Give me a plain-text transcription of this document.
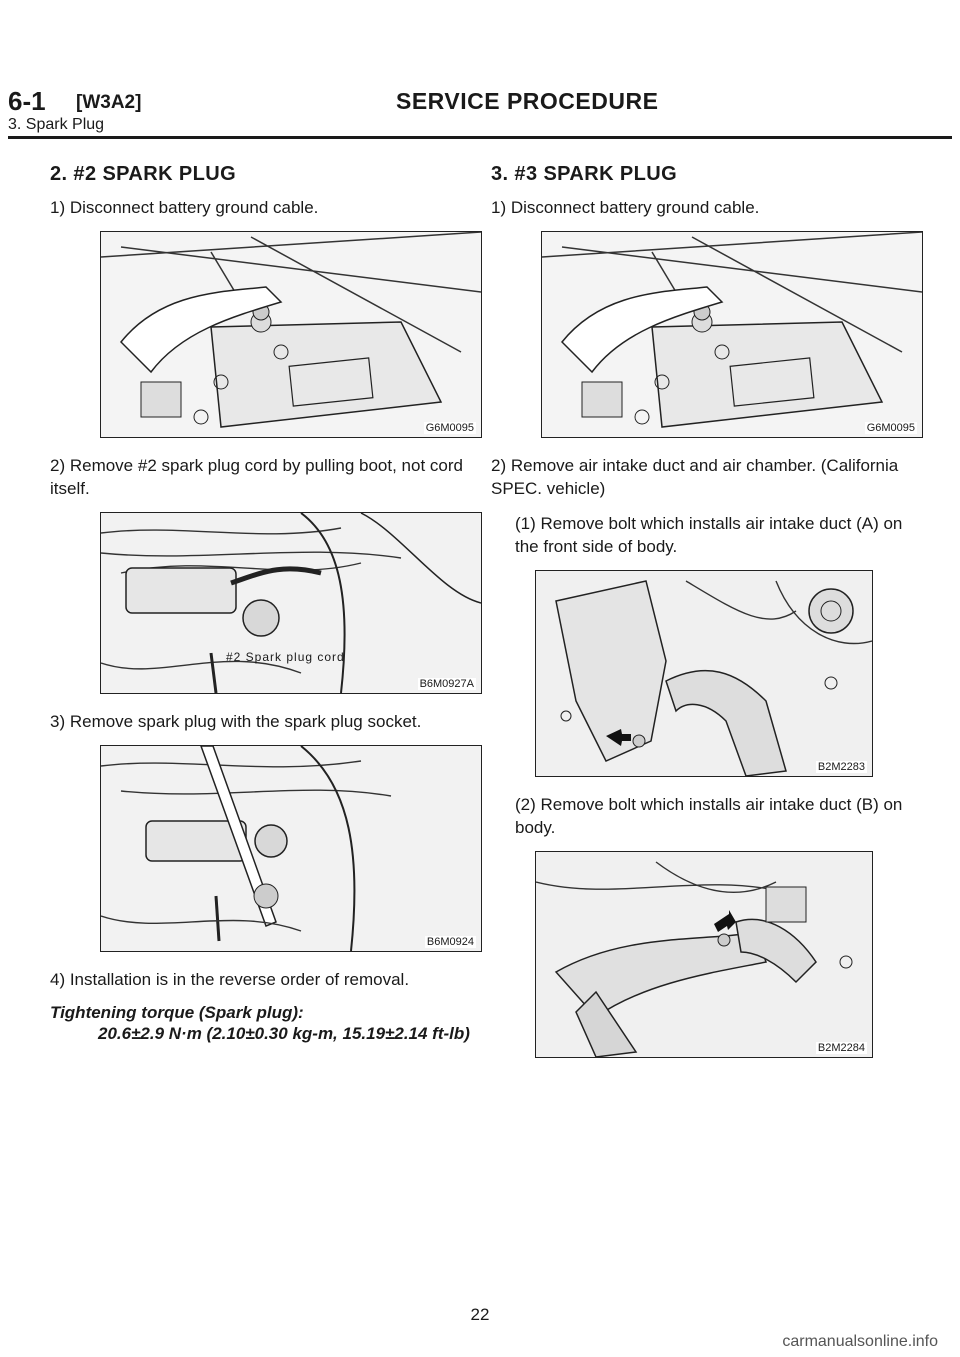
6-1 [W3A2]	SERVICE PROCEDURE
3. Spark Plug
2. #2 SPARK PLUG

1) Disconnect battery ground cable.

G6M0095

2) Remove #2 spark plug cord by pulling boot, not cord itself.

#2 Spark plug cord
B6M0927A

3) Remove spark plug with the spark plug socket.

B6M0924

4) Installation is in the reverse order of removal.

Tightening torque (Spark plug):
20.6±2.9 N·m (2.10±0.30 kg-m, 15.19±2.14 ft-lb)
3. #3 SPARK PLUG

1) Disconnect battery ground cable.

G6M0095

2) Remove air intake duct and air chamber. (California SPEC. vehicle)

(1) Remove bolt which installs air intake duct (A) on the front side of body.

B2M2283

(2) Remove bolt which installs air intake duct (B) on body.

B2M2284
22
carmanualsonline.info
